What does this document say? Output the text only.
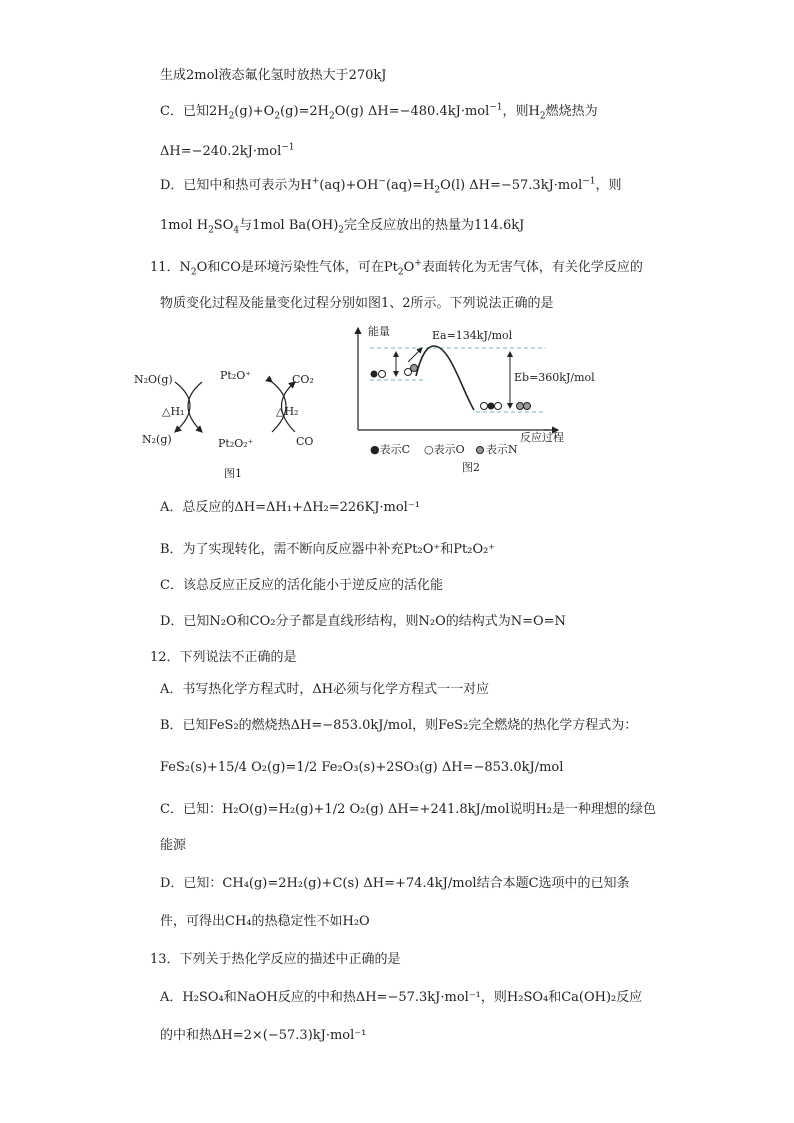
生成2mol液态氟化氢时放热大于270kJ
C．已知$2H_2(g)+O_2(g)=2H_2O(g)$ ΔH=−480.4kJ·mol$^{-1}$，则$H_2$燃烧热为
ΔH=−240.2kJ·mol$^{-1}$
D．已知中和热可表示为$H^+(aq)+OH^-(aq)=H_2O(l)$ ΔH=−57.3kJ·mol$^{-1}$，则
1mol $H_2SO_4$与1mol $Ba(OH)_2$完全反应放出的热量为114.6kJ
11．$N_2O$和CO是环境污染性气体，可在$Pt_2O^+$表面转化为无害气体，有关化学反应的
物质变化过程及能量变化过程分别如图1、2所示。下列说法正确的是
N₂O(g)
N₂(g)
Pt₂O⁺
Pt₂O₂⁺
CO₂
CO
△H₁	△H₂
图1
能量	Ea=134kJ/mol
Eb=360kJ/mol
反应过程
●表示C ○表示O 表示N
图2
A．总反应的ΔH=ΔH₁+ΔH₂=226KJ·mol⁻¹
B．为了实现转化，需不断向反应器中补充Pt₂O⁺和Pt₂O₂⁺
C．该总反应正反应的活化能小于逆反应的活化能
D．已知N₂O和CO₂分子都是直线形结构，则N₂O的结构式为N=O=N
12．下列说法不正确的是
A．书写热化学方程式时，ΔH必须与化学方程式一一对应
B．已知FeS₂的燃烧热ΔH=−853.0kJ/mol，则FeS₂完全燃烧的热化学方程式为：
FeS₂(s)+15/4 O₂(g)=1/2 Fe₂O₃(s)+2SO₃(g) ΔH=−853.0kJ/mol
C．已知：H₂O(g)=H₂(g)+1/2 O₂(g) ΔH=+241.8kJ/mol说明H₂是一种理想的绿色
能源
D．已知：CH₄(g)=2H₂(g)+C(s) ΔH=+74.4kJ/mol结合本题C选项中的已知条
件，可得出CH₄的热稳定性不如H₂O
13．下列关于热化学反应的描述中正确的是
A．H₂SO₄和NaOH反应的中和热ΔH=−57.3kJ·mol⁻¹，则H₂SO₄和Ca(OH)₂反应
的中和热ΔH=2×(−57.3)kJ·mol⁻¹
